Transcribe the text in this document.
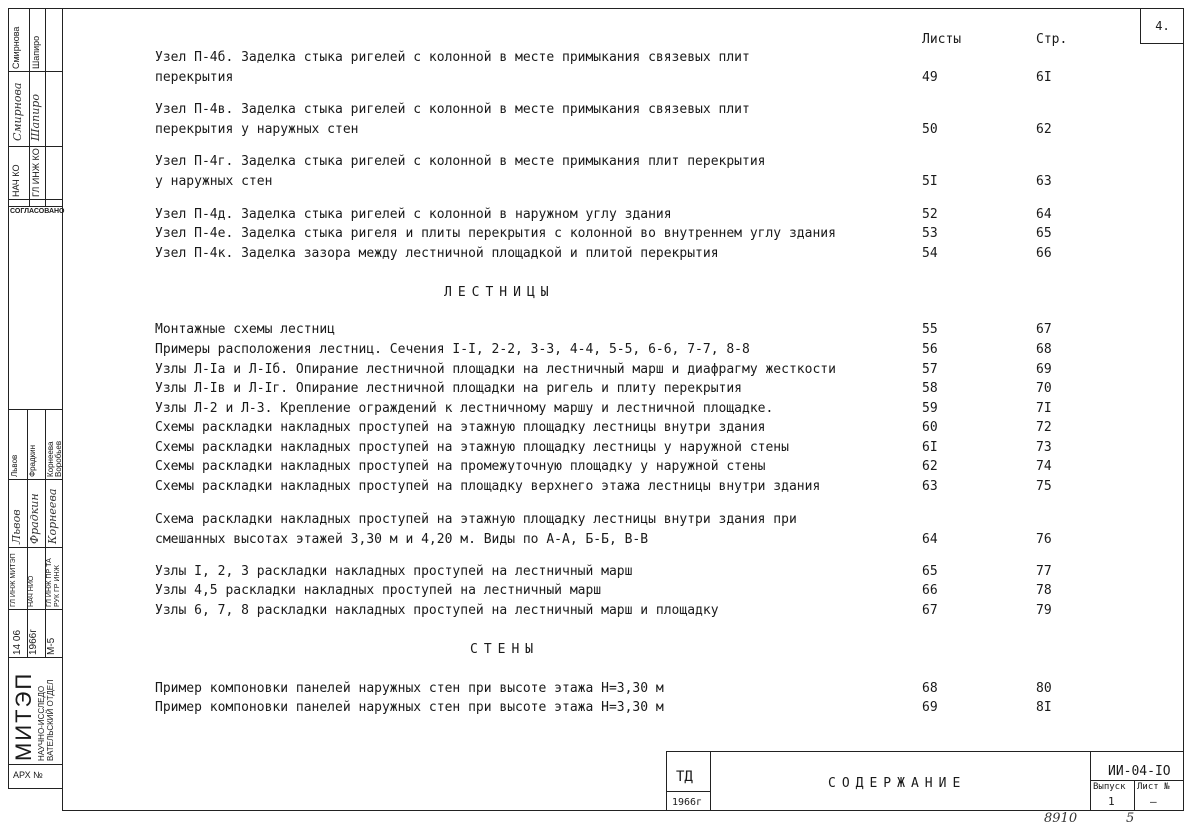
Смирнова Шапиро
Смирнова Шапиро
НАЧ КО ГЛ ИНЖ КО
СОГЛАСОВАНО
Львов Фрадкин Корнеева Воробьев
Львов Фрадкин Корнеева
ГЛ ИНЖ МИТЭП НАЧ НИО ГЛ ИНЖ ПР ТА РУК ГР ИНЖ
14 06 1966г М-5
МИТЭП НАУЧНО-ИССЛЕДО ВАТЕЛЬСКИЙ ОТДЕЛ
АРХ №
4.
Листы	Стр.
Узел П-4б. Заделка стыка ригелей с колонной в месте примыкания связевых плит
перекрытия	49	6I
Узел П-4в. Заделка стыка ригелей с колонной в месте примыкания связевых плит
перекрытия у наружных стен	50	62
Узел П-4г. Заделка стыка ригелей с колонной в месте примыкания плит перекрытия
у наружных стен	5I	63
Узел П-4д. Заделка стыка ригелей с колонной в наружном углу здания	52	64
Узел П-4е. Заделка стыка ригеля и плиты перекрытия с колонной во внутреннем углу здания	53	65
Узел П-4к. Заделка зазора между лестничной площадкой и плитой перекрытия	54	66
Монтажные схемы лестниц	55	67
Примеры расположения лестниц. Сечения I-I, 2-2, 3-3, 4-4, 5-5, 6-6, 7-7, 8-8	56	68
Узлы Л-Iа и Л-Iб. Опирание лестничной площадки на лестничный марш и диафрагму жесткости	57	69
Узлы Л-Iв и Л-Iг. Опирание лестничной площадки на ригель и плиту перекрытия	58	70
Узлы Л-2 и Л-3. Крепление ограждений к лестничному маршу и лестничной площадке.	59	7I
Схемы раскладки накладных проступей на этажную площадку лестницы внутри здания	60	72
Схемы раскладки накладных проступей на этажную площадку лестницы у наружной стены	6I	73
Схемы раскладки накладных проступей на промежуточную площадку у наружной стены	62	74
Схемы раскладки накладных проступей на площадку верхнего этажа лестницы внутри здания	63	75
Схема раскладки накладных проступей на этажную площадку лестницы внутри здания при
смешанных высотах этажей 3,30 м и 4,20 м. Виды по А-А, Б-Б, В-В	64	76
Узлы I, 2, 3 раскладки накладных проступей на лестничный марш	65	77
Узлы 4,5 раскладки накладных проступей на лестничный марш	66	78
Узлы 6, 7, 8 раскладки накладных проступей на лестничный марш и площадку	67	79
Пример компоновки панелей наружных стен при высоте этажа Н=3,30 м	68	80
Пример компоновки панелей наружных стен при высоте этажа Н=3,30 м	69	8I
ЛЕСТНИЦЫ
СТЕНЫ
ТД
1966г
СОДЕРЖАНИЕ
ИИ-04-IO
Выпуск Лист №
1	—
8910	5
